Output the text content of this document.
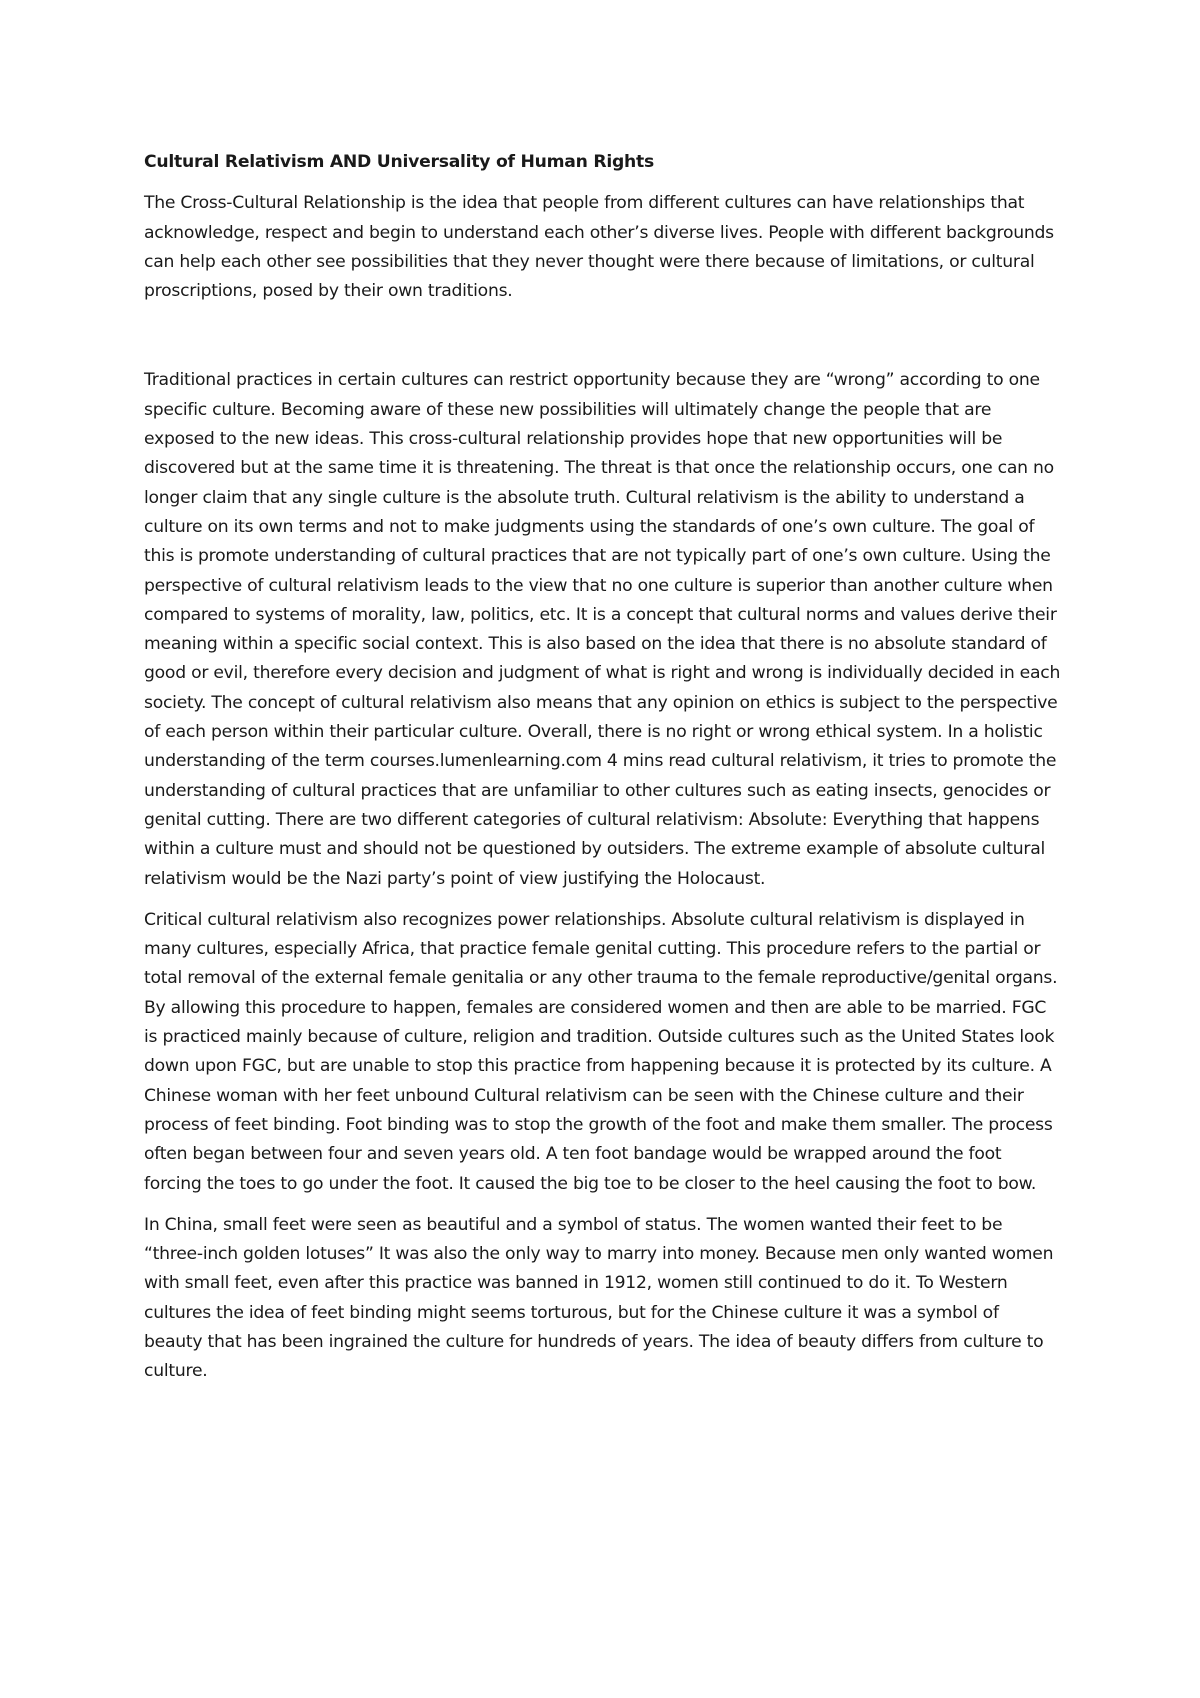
Cultural Relativism AND Universality of Human Rights

The Cross-Cultural Relationship is the idea that people from different cultures can have relationships that acknowledge, respect and begin to understand each other’s diverse lives. People with different backgrounds can help each other see possibilities that they never thought were there because of limitations, or cultural proscriptions, posed by their own traditions.

Traditional practices in certain cultures can restrict opportunity because they are “wrong” according to one specific culture. Becoming aware of these new possibilities will ultimately change the people that are exposed to the new ideas. This cross-cultural relationship provides hope that new opportunities will be discovered but at the same time it is threatening. The threat is that once the relationship occurs, one can no longer claim that any single culture is the absolute truth. Cultural relativism is the ability to understand a culture on its own terms and not to make judgments using the standards of one’s own culture. The goal of this is promote understanding of cultural practices that are not typically part of one’s own culture. Using the perspective of cultural relativism leads to the view that no one culture is superior than another culture when compared to systems of morality, law, politics, etc. It is a concept that cultural norms and values derive their meaning within a specific social context. This is also based on the idea that there is no absolute standard of good or evil, therefore every decision and judgment of what is right and wrong is individually decided in each society. The concept of cultural relativism also means that any opinion on ethics is subject to the perspective of each person within their particular culture. Overall, there is no right or wrong ethical system. In a holistic understanding of the term courses.lumenlearning.com 4 mins read cultural relativism, it tries to promote the understanding of cultural practices that are unfamiliar to other cultures such as eating insects, genocides or genital cutting. There are two different categories of cultural relativism: Absolute: Everything that happens within a culture must and should not be questioned by outsiders. The extreme example of absolute cultural relativism would be the Nazi party’s point of view justifying the Holocaust.

Critical cultural relativism also recognizes power relationships. Absolute cultural relativism is displayed in many cultures, especially Africa, that practice female genital cutting. This procedure refers to the partial or total removal of the external female genitalia or any other trauma to the female reproductive/genital organs. By allowing this procedure to happen, females are considered women and then are able to be married. FGC is practiced mainly because of culture, religion and tradition. Outside cultures such as the United States look down upon FGC, but are unable to stop this practice from happening because it is protected by its culture. A Chinese woman with her feet unbound Cultural relativism can be seen with the Chinese culture and their process of feet binding. Foot binding was to stop the growth of the foot and make them smaller. The process often began between four and seven years old. A ten foot bandage would be wrapped around the foot forcing the toes to go under the foot. It caused the big toe to be closer to the heel causing the foot to bow.

In China, small feet were seen as beautiful and a symbol of status. The women wanted their feet to be “three-inch golden lotuses” It was also the only way to marry into money. Because men only wanted women with small feet, even after this practice was banned in 1912, women still continued to do it. To Western cultures the idea of feet binding might seems torturous, but for the Chinese culture it was a symbol of beauty that has been ingrained the culture for hundreds of years. The idea of beauty differs from culture to culture.
